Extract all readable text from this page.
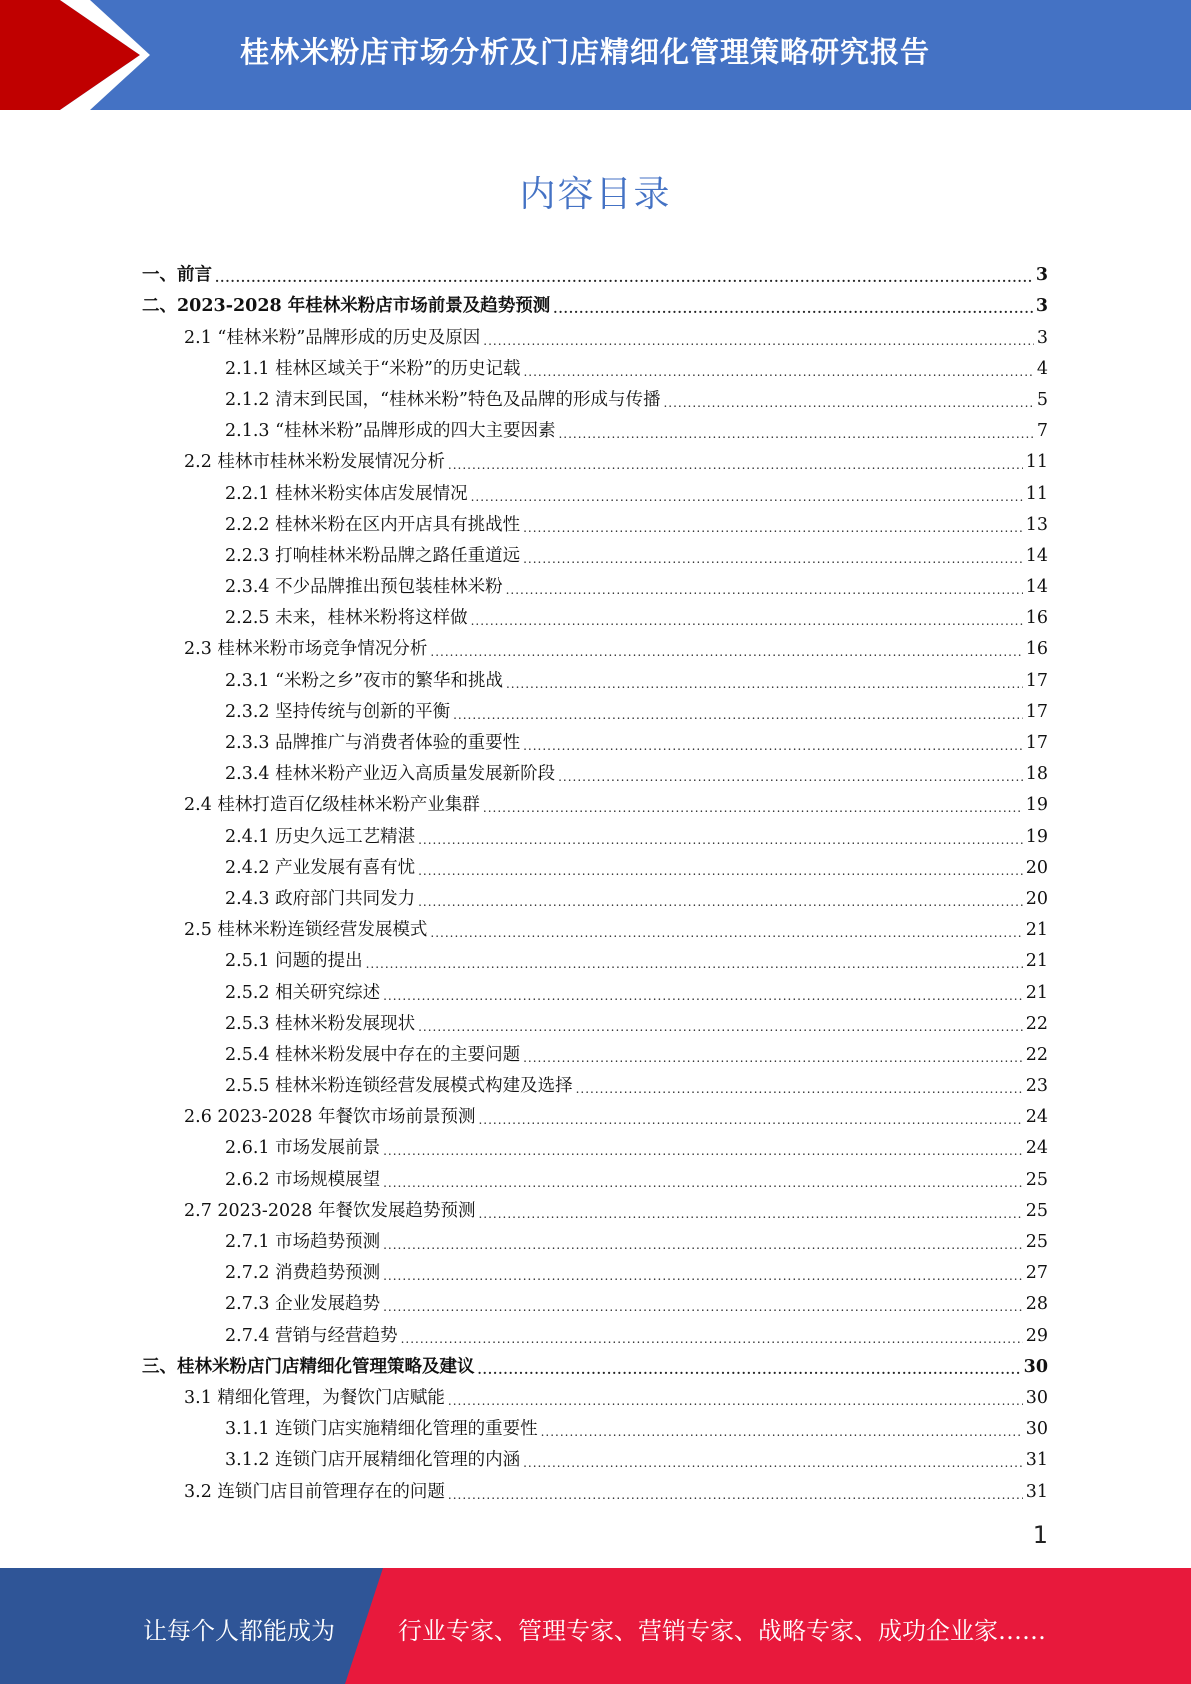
桂林米粉店市场分析及门店精细化管理策略研究报告
内容目录
一、前言 .....	3
二、2023-2028 年桂林米粉店市场前景及趋势预测 .....	3
2.1 “桂林米粉”品牌形成的历史及原因 .....	3
2.1.1 桂林区域关于“米粉”的历史记载 .....	4
2.1.2 清末到民国，“桂林米粉”特色及品牌的形成与传播 .....	5
2.1.3 “桂林米粉”品牌形成的四大主要因素 .....	7
2.2 桂林市桂林米粉发展情况分析 .....	11
2.2.1 桂林米粉实体店发展情况 .....	11
2.2.2 桂林米粉在区内开店具有挑战性 .....	13
2.2.3 打响桂林米粉品牌之路任重道远 .....	14
2.3.4 不少品牌推出预包装桂林米粉 .....	14
2.2.5 未来，桂林米粉将这样做 .....	16
2.3 桂林米粉市场竞争情况分析 .....	16
2.3.1 “米粉之乡”夜市的繁华和挑战 .....	17
2.3.2 坚持传统与创新的平衡 .....	17
2.3.3 品牌推广与消费者体验的重要性 .....	17
2.3.4 桂林米粉产业迈入高质量发展新阶段 .....	18
2.4 桂林打造百亿级桂林米粉产业集群 .....	19
2.4.1 历史久远工艺精湛 .....	19
2.4.2 产业发展有喜有忧 .....	20
2.4.3 政府部门共同发力 .....	20
2.5 桂林米粉连锁经营发展模式 .....	21
2.5.1 问题的提出 .....	21
2.5.2 相关研究综述 .....	21
2.5.3 桂林米粉发展现状 .....	22
2.5.4 桂林米粉发展中存在的主要问题 .....	22
2.5.5 桂林米粉连锁经营发展模式构建及选择 .....	23
2.6 2023-2028 年餐饮市场前景预测 .....	24
2.6.1 市场发展前景 .....	24
2.6.2 市场规模展望 .....	25
2.7 2023-2028 年餐饮发展趋势预测 .....	25
2.7.1 市场趋势预测 .....	25
2.7.2 消费趋势预测 .....	27
2.7.3 企业发展趋势 .....	28
2.7.4 营销与经营趋势 .....	29
三、桂林米粉店门店精细化管理策略及建议 .....	30
3.1 精细化管理，为餐饮门店赋能 .....	30
3.1.1 连锁门店实施精细化管理的重要性 .....	30
3.1.2 连锁门店开展精细化管理的内涵 .....	31
3.2 连锁门店目前管理存在的问题 .....	31
1
让每个人都能成为	行业专家、管理专家、营销专家、战略专家、成功企业家……
